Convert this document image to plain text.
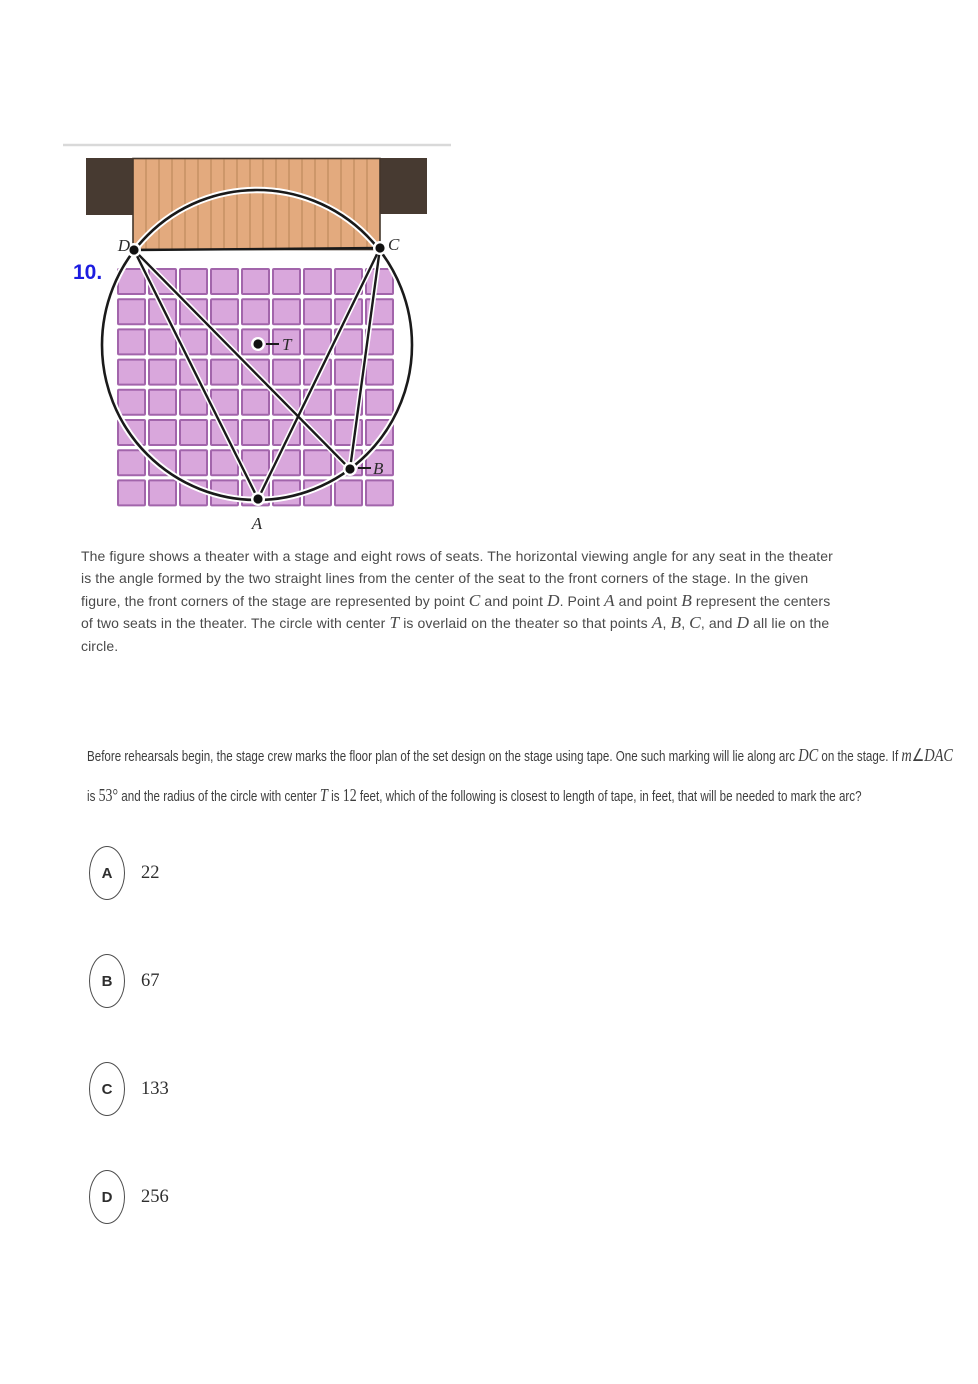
D	C
A
B
T
10.
The figure shows a theater with a stage and eight rows of seats. The horizontal viewing angle for any seat in the theater
is the angle formed by the two straight lines from the center of the seat to the front corners of the stage. In the given
figure, the front corners of the stage are represented by point C and point D. Point A and point B represent the centers
of two seats in the theater. The circle with center T is overlaid on the theater so that points A, B, C, and D all lie on the
circle.
Before rehearsals begin, the stage crew marks the floor plan of the set design on the stage using tape. One such marking will lie along arc DC on the stage. If m∠DAC
is 53° and the radius of the circle with center T is 12 feet, which of the following is closest to length of tape, in feet, that will be needed to mark the arc?
A	22
B	67
C	133
D	256
